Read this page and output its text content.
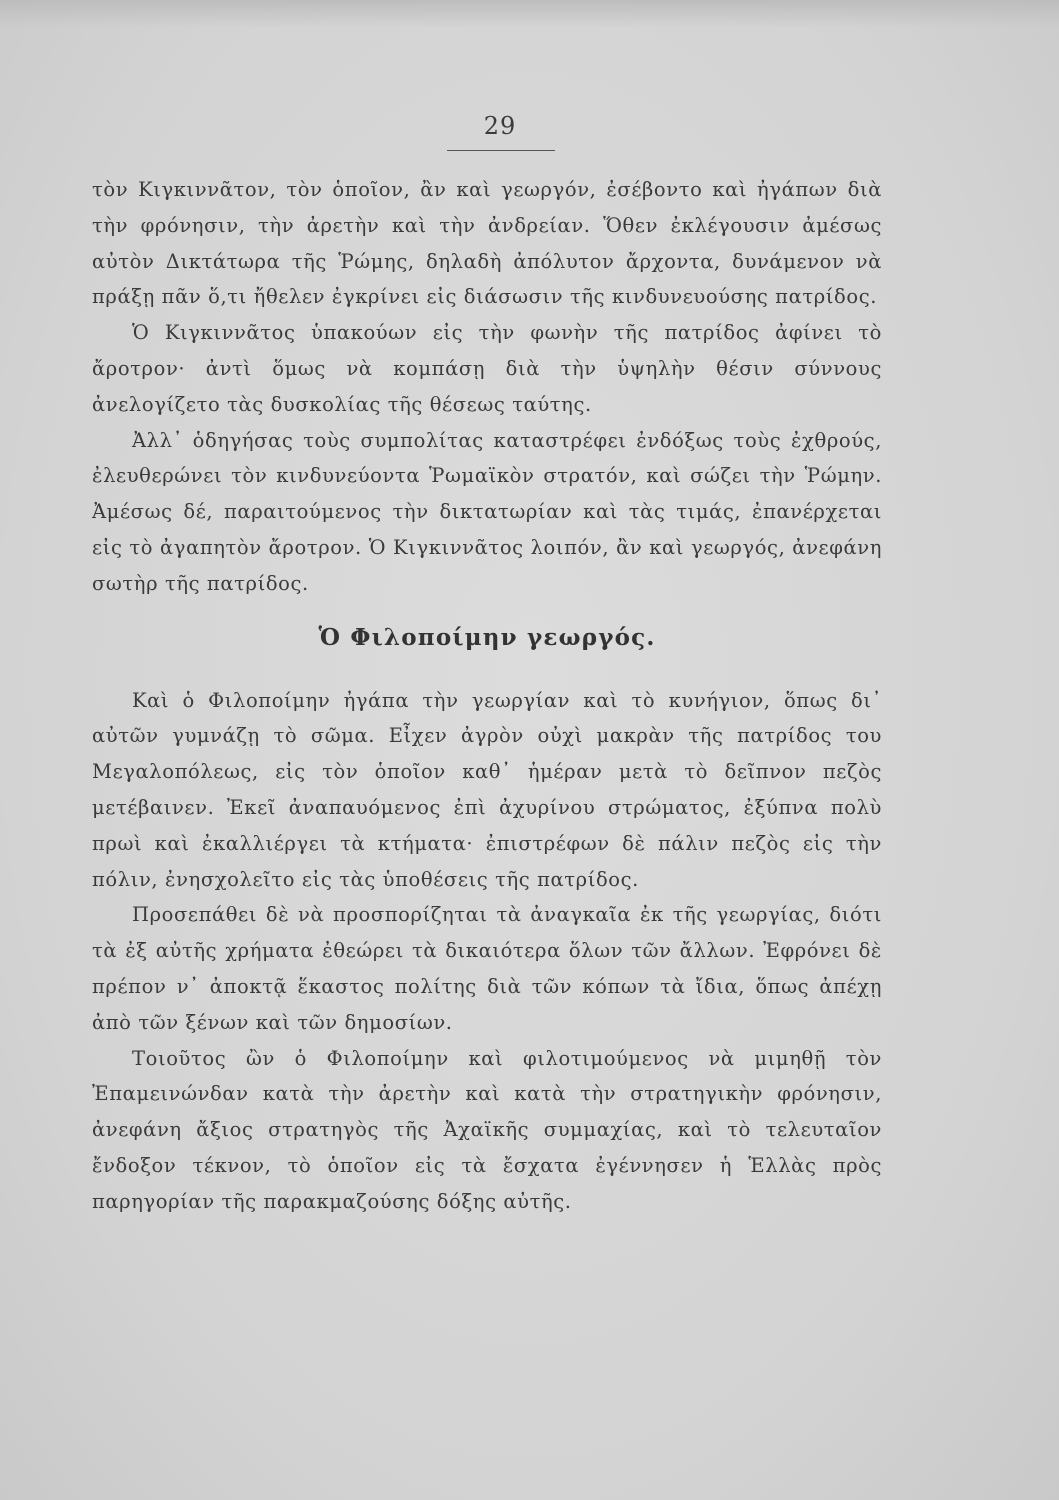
29

τὸν Κιγκιννᾶτον, τὸν ὁποῖον, ἂν καὶ γεωργόν, ἐσέβοντο καὶ ἠγάπων διὰ τὴν φρόνησιν, τὴν ἀρετὴν καὶ τὴν ἀνδρείαν. Ὅθεν ἐκλέγουσιν ἀμέσως αὐτὸν Δικτάτωρα τῆς Ῥώμης, δηλαδὴ ἀπόλυτον ἄρχοντα, δυνάμενον νὰ πράξῃ πᾶν ὅ,τι ἤθελεν ἐγκρίνει εἰς διάσωσιν τῆς κινδυνευούσης πατρίδος.

Ὁ Κιγκιννᾶτος ὑπακούων εἰς τὴν φωνὴν τῆς πατρίδος ἀφίνει τὸ ἄροτρον· ἀντὶ ὅμως νὰ κομπάσῃ διὰ τὴν ὑψηλὴν θέσιν σύννους ἀνελογίζετο τὰς δυσκολίας τῆς θέσεως ταύτης.

Ἀλλ᾽ ὁδηγήσας τοὺς συμπολίτας καταστρέφει ἐνδόξως τοὺς ἐχθρούς, ἐλευθερώνει τὸν κινδυνεύοντα Ῥωμαϊκὸν στρατόν, καὶ σώζει τὴν Ῥώμην. Ἀμέσως δέ, παραιτούμενος τὴν δικτατωρίαν καὶ τὰς τιμάς, ἐπανέρχεται εἰς τὸ ἀγαπητὸν ἄροτρον. Ὁ Κιγκιννᾶτος λοιπόν, ἂν καὶ γεωργός, ἀνεφάνη σωτὴρ τῆς πατρίδος.

Ὁ Φιλοποίμην γεωργός.

Καὶ ὁ Φιλοποίμην ἠγάπα τὴν γεωργίαν καὶ τὸ κυνήγιον, ὅπως δι᾽ αὐτῶν γυμνάζῃ τὸ σῶμα. Εἶχεν ἀγρὸν οὐχὶ μακρὰν τῆς πατρίδος του Μεγαλοπόλεως, εἰς τὸν ὁποῖον καθ᾽ ἡμέραν μετὰ τὸ δεῖπνον πεζὸς μετέβαινεν. Ἐκεῖ ἀναπαυόμενος ἐπὶ ἀχυρίνου στρώματος, ἐξύπνα πολὺ πρωὶ καὶ ἐκαλλιέργει τὰ κτήματα· ἐπιστρέφων δὲ πάλιν πεζὸς εἰς τὴν πόλιν, ἐνησχολεῖτο εἰς τὰς ὑποθέσεις τῆς πατρίδος.

Προσεπάθει δὲ νὰ προσπορίζηται τὰ ἀναγκαῖα ἐκ τῆς γεωργίας, διότι τὰ ἐξ αὐτῆς χρήματα ἐθεώρει τὰ δικαιότερα ὅλων τῶν ἄλλων. Ἐφρόνει δὲ πρέπον ν᾽ ἀποκτᾷ ἕκαστος πολίτης διὰ τῶν κόπων τὰ ἴδια, ὅπως ἀπέχῃ ἀπὸ τῶν ξένων καὶ τῶν δημοσίων.

Τοιοῦτος ὢν ὁ Φιλοποίμην καὶ φιλοτιμούμενος νὰ μιμηθῇ τὸν Ἐπαμεινώνδαν κατὰ τὴν ἀρετὴν καὶ κατὰ τὴν στρατηγικὴν φρόνησιν, ἀνεφάνη ἄξιος στρατηγὸς τῆς Ἀχαϊκῆς συμμαχίας, καὶ τὸ τελευταῖον ἔνδοξον τέκνον, τὸ ὁποῖον εἰς τὰ ἔσχατα ἐγέννησεν ἡ Ἑλλὰς πρὸς παρηγορίαν τῆς παρακμαζούσης δόξης αὐτῆς.
